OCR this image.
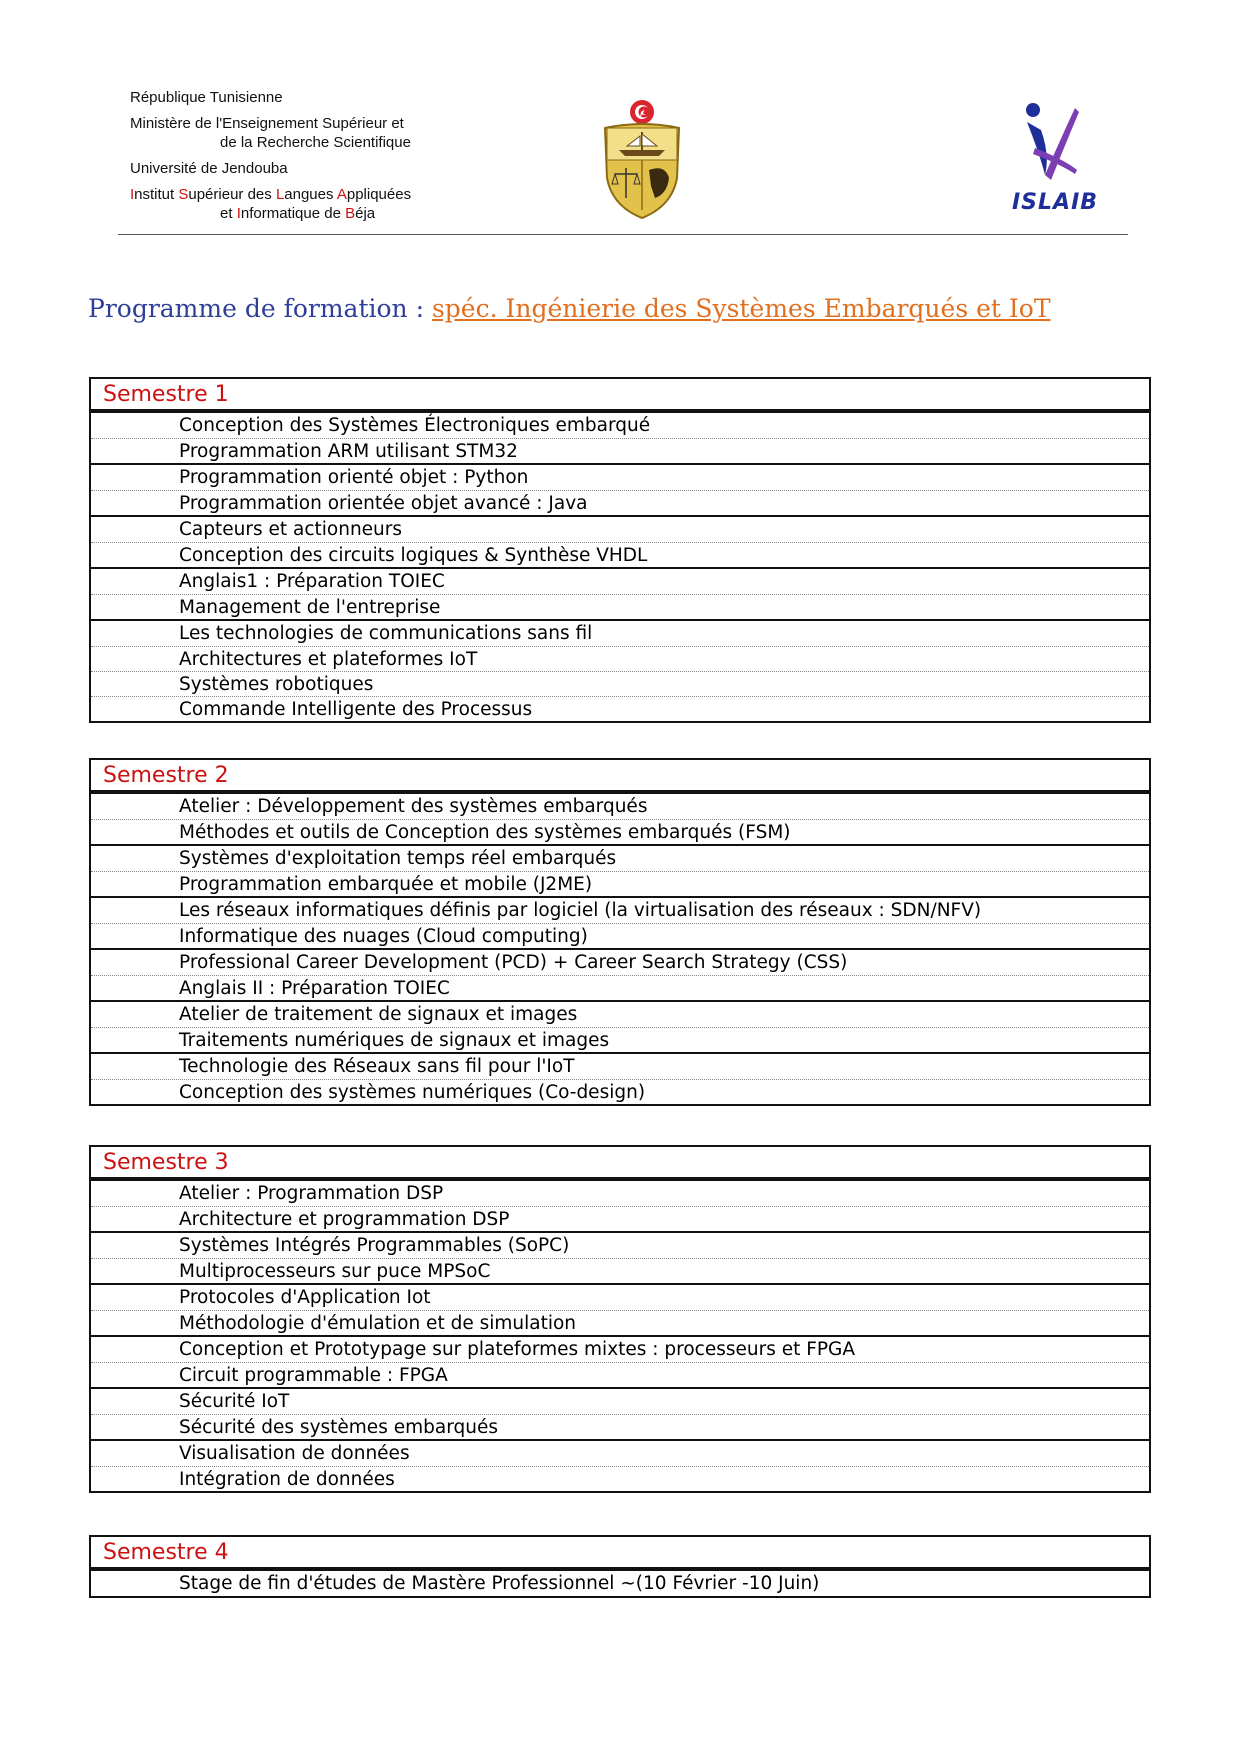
République Tunisienne
Ministère de l'Enseignement Supérieur et
de la Recherche Scientifique
Université de Jendouba
Institut Supérieur des Langues Appliquées
et Informatique de Béja	ISLAIB
Programme de formation : spéc. Ingénierie des Systèmes Embarqués et IoT
Semestre 1
Conception des Systèmes Électroniques embarqué
Programmation ARM utilisant STM32
Programmation orienté objet : Python
Programmation orientée objet avancé : Java
Capteurs et actionneurs
Conception des circuits logiques & Synthèse VHDL
Anglais1 : Préparation TOIEC
Management de l'entreprise
Les technologies de communications sans fil
Architectures et plateformes IoT
Systèmes robotiques
Commande Intelligente des Processus
Semestre 2
Atelier : Développement des systèmes embarqués
Méthodes et outils de Conception des systèmes embarqués (FSM)
Systèmes d'exploitation temps réel embarqués
Programmation embarquée et mobile (J2ME)
Les réseaux informatiques définis par logiciel (la virtualisation des réseaux : SDN/NFV)
Informatique des nuages (Cloud computing)
Professional Career Development (PCD) + Career Search Strategy (CSS)
Anglais II : Préparation TOIEC
Atelier de traitement de signaux et images
Traitements numériques de signaux et images
Technologie des Réseaux sans fil pour l'IoT
Conception des systèmes numériques (Co-design)
Semestre 3
Atelier : Programmation DSP
Architecture et programmation DSP
Systèmes Intégrés Programmables (SoPC)
Multiprocesseurs sur puce MPSoC
Protocoles d'Application Iot
Méthodologie d'émulation et de simulation
Conception et Prototypage sur plateformes mixtes : processeurs et FPGA
Circuit programmable : FPGA
Sécurité IoT
Sécurité des systèmes embarqués
Visualisation de données
Intégration de données
Semestre 4
Stage de fin d'études de Mastère Professionnel ~(10 Février -10 Juin)
